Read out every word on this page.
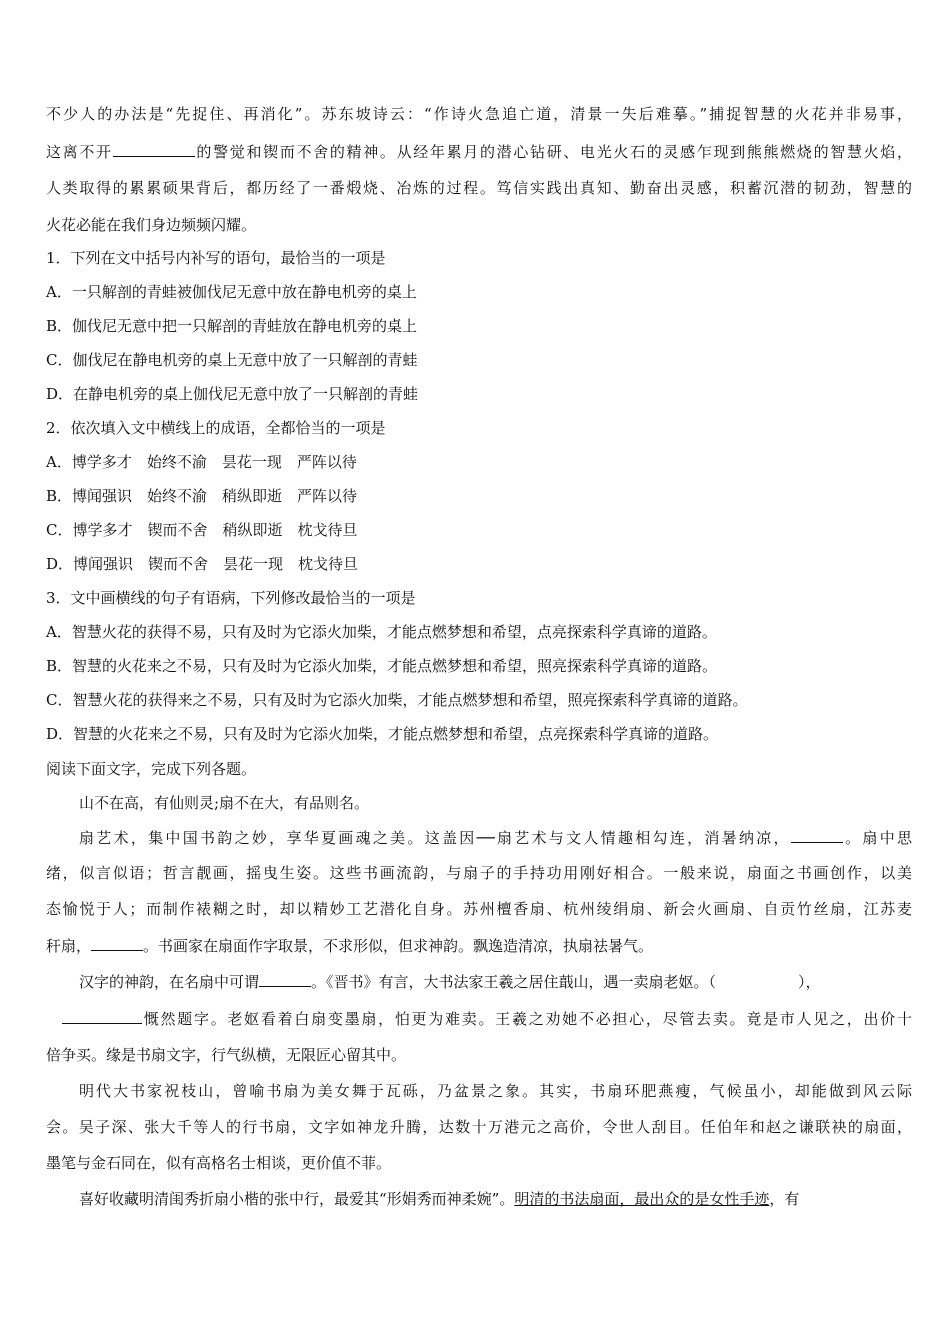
不少人的办法是“先捉住、再消化”。苏东坡诗云：“作诗火急追亡道，清景一失后难摹。”捕捉智慧的火花并非易事，
这离不开	的警觉和锲而不舍的精神。从经年累月的潜心钻研、电光火石的灵感乍现到熊熊燃烧的智慧火焰，
人类取得的累累硕果背后，都历经了一番煅烧、冶炼的过程。笃信实践出真知、勤奋出灵感，积蓄沉潜的韧劲，智慧的
火花必能在我们身边频频闪耀。
1．下列在文中括号内补写的语句，最恰当的一项是
A．一只解剖的青蛙被伽伐尼无意中放在静电机旁的桌上
B．伽伐尼无意中把一只解剖的青蛙放在静电机旁的桌上
C．伽伐尼在静电机旁的桌上无意中放了一只解剖的青蛙
D．在静电机旁的桌上伽伐尼无意中放了一只解剖的青蛙
2．依次填入文中横线上的成语，全都恰当的一项是
A．博学多才　始终不渝　昙花一现　严阵以待
B．博闻强识　始终不渝　稍纵即逝　严阵以待
C．博学多才　锲而不舍　稍纵即逝　枕戈待旦
D．博闻强识　锲而不舍　昙花一现　枕戈待旦
3．文中画横线的句子有语病，下列修改最恰当的一项是
A．智慧火花的获得不易，只有及时为它添火加柴，才能点燃梦想和希望，点亮探索科学真谛的道路。
B．智慧的火花来之不易，只有及时为它添火加柴，才能点燃梦想和希望，照亮探索科学真谛的道路。
C．智慧火花的获得来之不易，只有及时为它添火加柴，才能点燃梦想和希望，照亮探索科学真谛的道路。
D．智慧的火花来之不易，只有及时为它添火加柴，才能点燃梦想和希望，点亮探索科学真谛的道路。
阅读下面文字，完成下列各题。
山不在高，有仙则灵;扇不在大，有品则名。
扇艺术，集中国书韵之妙，享华夏画魂之美。这盖因──扇艺术与文人情趣相勾连，消暑纳凉，	。扇中思
绪，似言似语；哲言靓画，摇曳生姿。这些书画流韵，与扇子的手持功用刚好相合。一般来说，扇面之书画创作，以美
态愉悦于人；而制作裱糊之时，却以精妙工艺潜化自身。苏州檀香扇、杭州绫绢扇、新会火画扇、自贡竹丝扇，江苏麦
秆扇，	。书画家在扇面作字取景，不求形似，但求神韵。飘逸造清凉，执扇祛暑气。
汉字的神韵，在名扇中可谓	。《晋书》有言，大书法家王羲之居住蕺山，遇一卖扇老妪。（	），
慨然题字。老妪看着白扇变墨扇，怕更为难卖。王羲之劝她不必担心，尽管去卖。竟是市人见之，出价十
倍争买。缘是书扇文字，行气纵横，无限匠心留其中。
明代大书家祝枝山，曾喻书扇为美女舞于瓦砾，乃盆景之象。其实，书扇环肥燕瘦，气候虽小，却能做到风云际
会。吴子深、张大千等人的行书扇，文字如神龙升腾，达数十万港元之高价，令世人刮目。任伯年和赵之谦联袂的扇面，
墨笔与金石同在，似有高格名士相谈，更价值不菲。
喜好收藏明清闺秀折扇小楷的张中行，最爱其“形娟秀而神柔婉”。明清的书法扇面，最出众的是女性手迹，有
